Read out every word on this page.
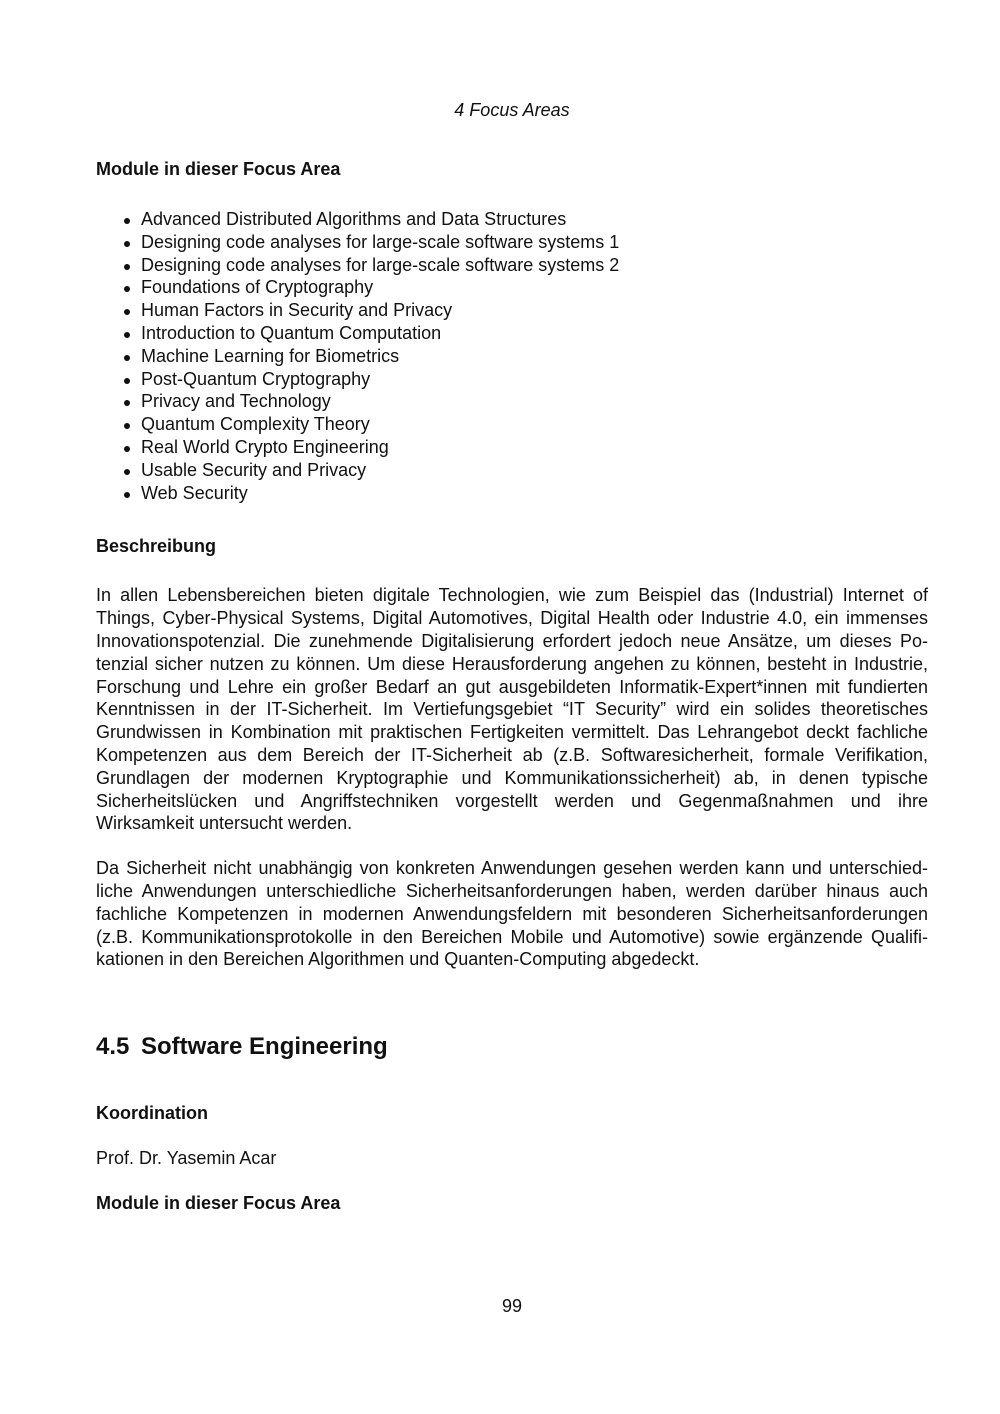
4 Focus Areas
Module in dieser Focus Area
Advanced Distributed Algorithms and Data Structures
Designing code analyses for large-scale software systems 1
Designing code analyses for large-scale software systems 2
Foundations of Cryptography
Human Factors in Security and Privacy
Introduction to Quantum Computation
Machine Learning for Biometrics
Post-Quantum Cryptography
Privacy and Technology
Quantum Complexity Theory
Real World Crypto Engineering
Usable Security and Privacy
Web Security
Beschreibung

In allen Lebensbereichen bieten digitale Technologien, wie zum Beispiel das (Industrial) Internet of Things, Cyber-Physical Systems, Digital Automotives, Digital Health oder Industrie 4.0, ein immenses Innovationspotenzial. Die zunehmende Digitalisierung erfordert jedoch neue Ansätze, um dieses Potenzial sicher nutzen zu können. Um diese Herausforderung angehen zu können, besteht in Industrie, Forschung und Lehre ein großer Bedarf an gut ausgebildeten Informatik-Expert*innen mit fundierten Kenntnissen in der IT-Sicherheit. Im Vertiefungsgebiet “IT Security” wird ein solides theoretisches Grundwissen in Kombination mit praktischen Fertigkeiten vermittelt. Das Lehrangebot deckt fachliche Kompetenzen aus dem Bereich der IT-Sicherheit ab (z.B. Softwaresicherheit, formale Verifikation, Grundlagen der modernen Kryptographie und Kommunikationssicherheit) ab, in denen typische Sicherheitslücken und Angriffstechniken vorgestellt werden und Gegenmaßnahmen und ihre Wirksamkeit untersucht werden.

Da Sicherheit nicht unabhängig von konkreten Anwendungen gesehen werden kann und unterschiedliche Anwendungen unterschiedliche Sicherheitsanforderungen haben, werden darüber hinaus auch fachliche Kompetenzen in modernen Anwendungsfeldern mit besonderen Sicherheitsanforderungen (z.B. Kommunikationsprotokolle in den Bereichen Mobile und Automotive) sowie ergänzende Qualifikationen in den Bereichen Algorithmen und Quanten-Computing abgedeckt.

4.5 Software Engineering
Koordination

Prof. Dr. Yasemin Acar

Module in dieser Focus Area
99
